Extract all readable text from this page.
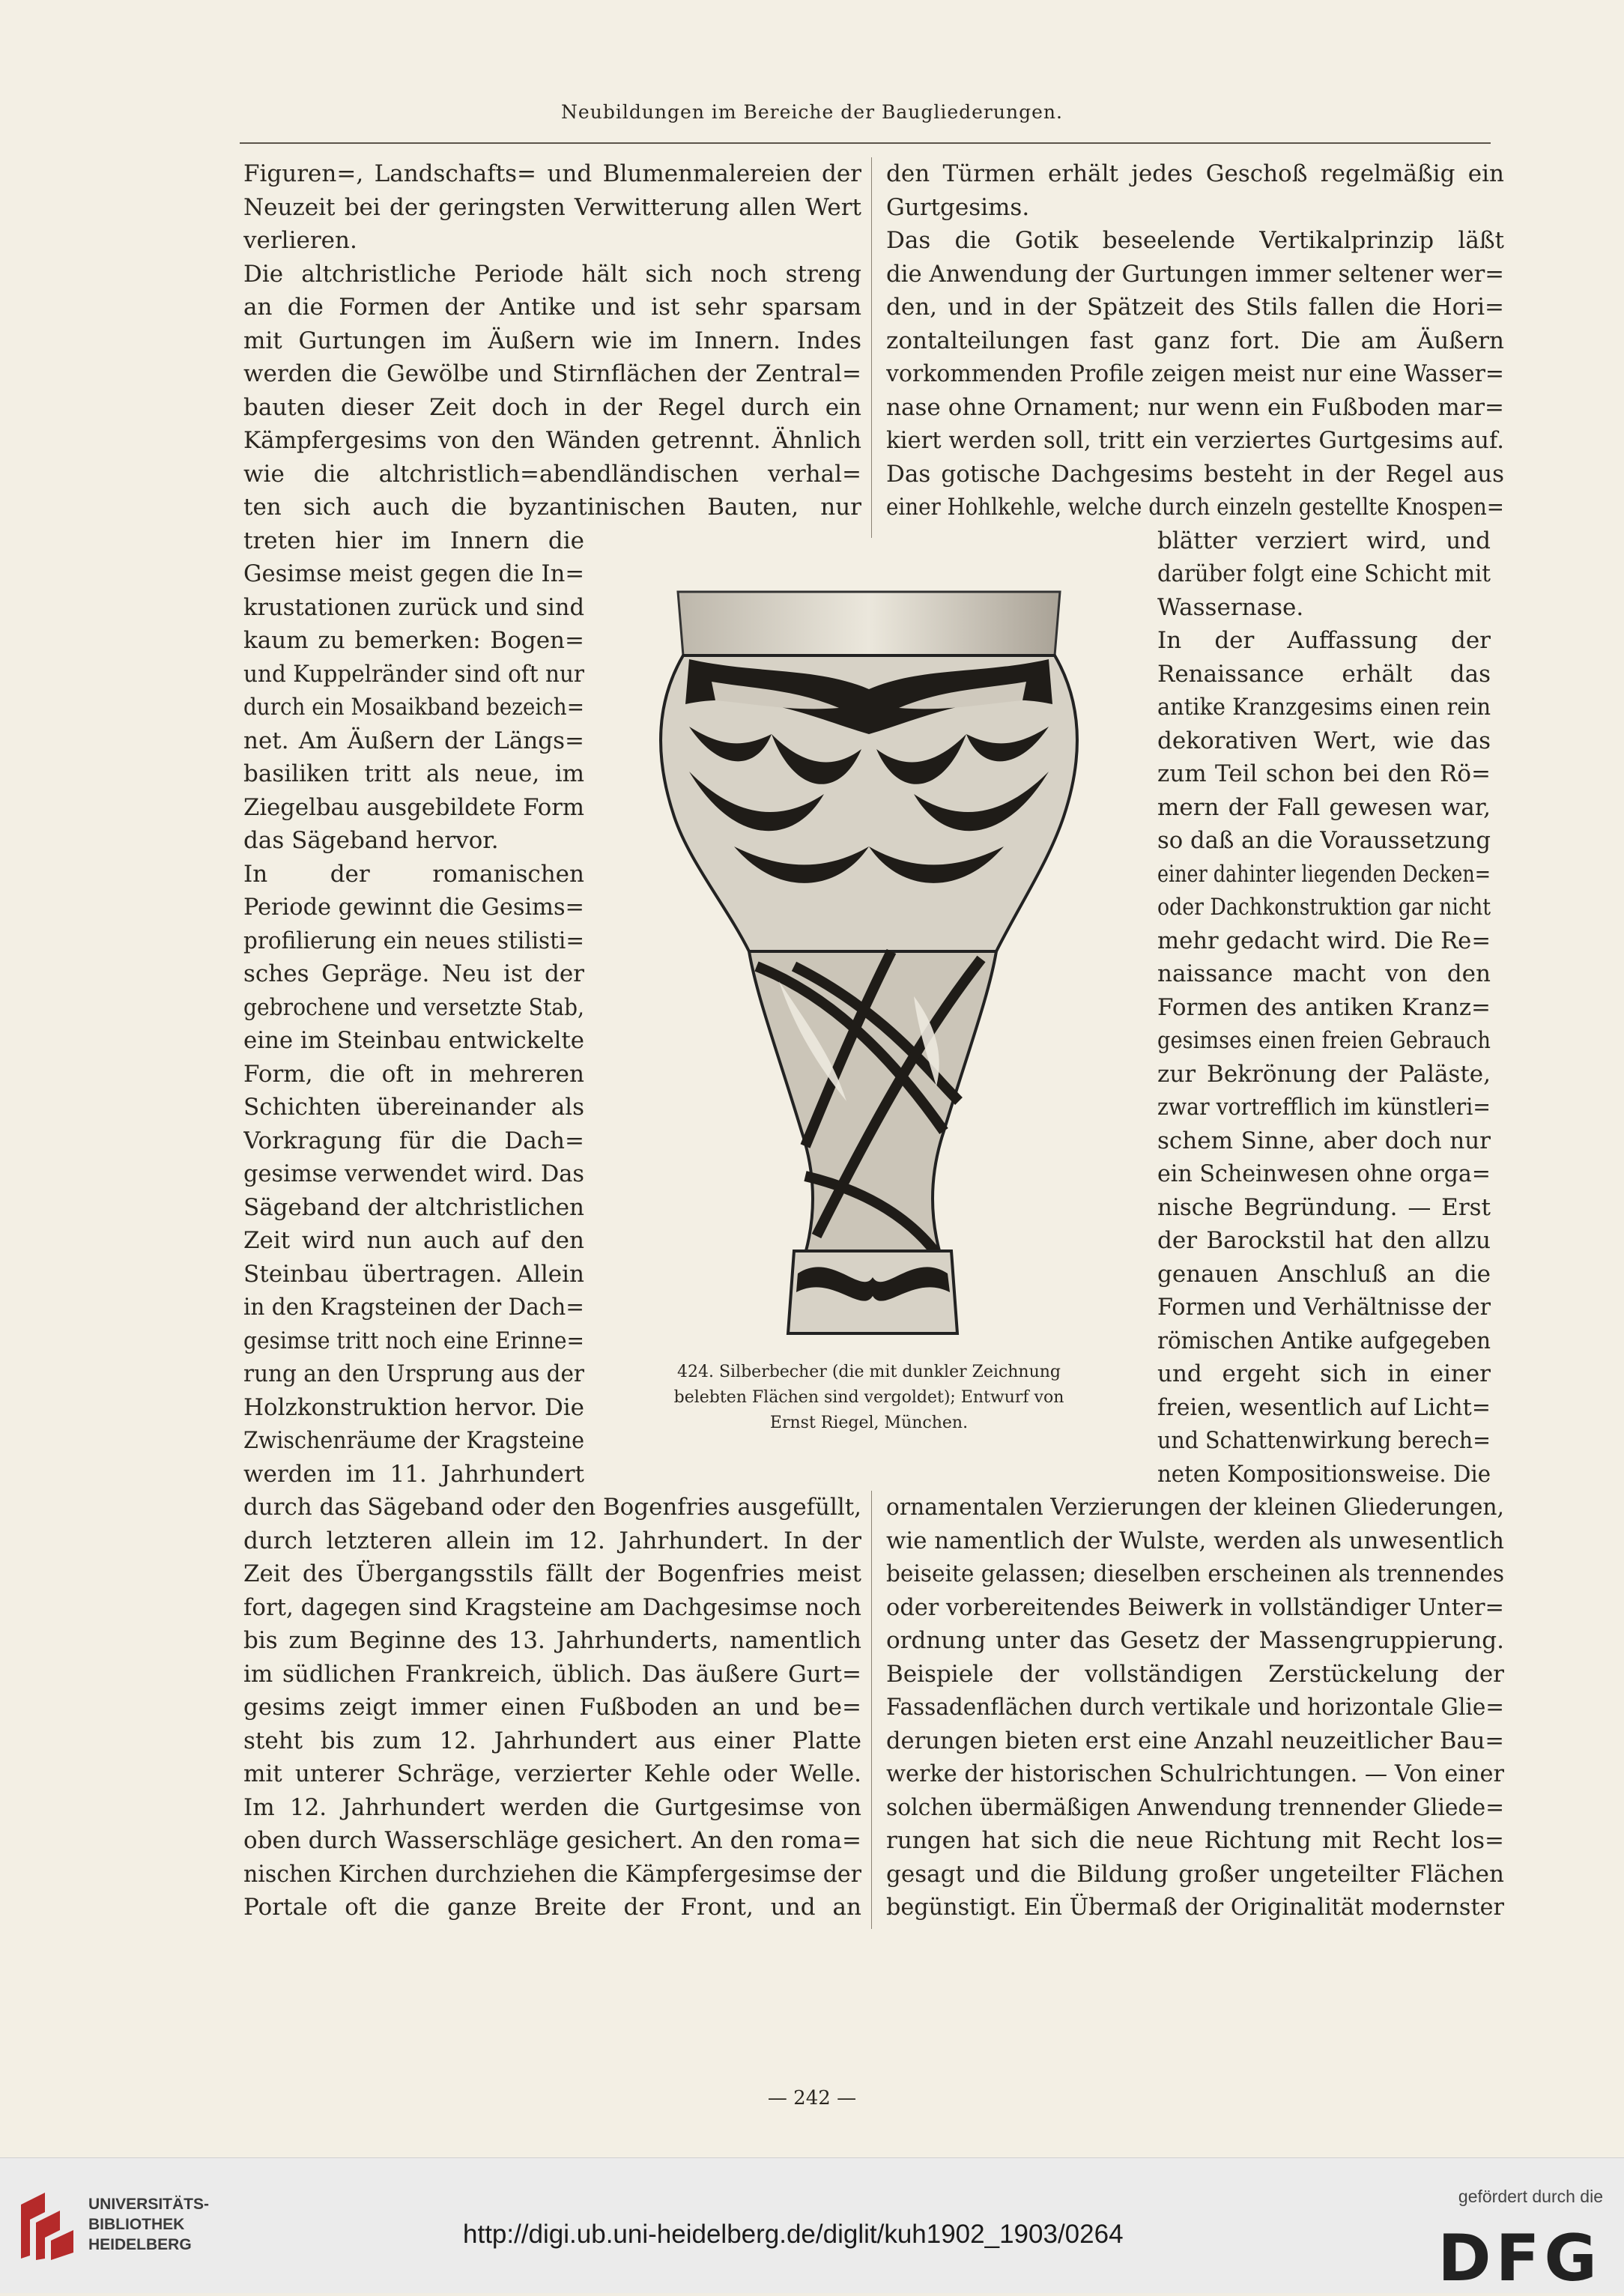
Neubildungen im Bereiche der Baugliederungen.
Figuren=, Landschafts= und Blumenmalereien der
Neuzeit bei der geringsten Verwitterung allen Wert
verlieren.
Die altchristliche Periode hält sich noch streng
an die Formen der Antike und ist sehr sparsam
mit Gurtungen im Äußern wie im Innern. Indes
werden die Gewölbe und Stirnflächen der Zentral=
bauten dieser Zeit doch in der Regel durch ein
Kämpfergesims von den Wänden getrennt. Ähnlich
wie die altchristlich=abendländischen verhal=
ten sich auch die byzantinischen Bauten, nur
treten hier im Innern die
Gesimse meist gegen die In=
krustationen zurück und sind
kaum zu bemerken: Bogen=
und Kuppelränder sind oft nur
durch ein Mosaikband bezeich=
net. Am Äußern der Längs=
basiliken tritt als neue, im
Ziegelbau ausgebildete Form
das Sägeband hervor.
In der romanischen
Periode gewinnt die Gesims=
profilierung ein neues stilisti=
sches Gepräge. Neu ist der
gebrochene und versetzte Stab,
eine im Steinbau entwickelte
Form, die oft in mehreren
Schichten übereinander als
Vorkragung für die Dach=
gesimse verwendet wird. Das
Sägeband der altchristlichen
Zeit wird nun auch auf den
Steinbau übertragen. Allein
in den Kragsteinen der Dach=
gesimse tritt noch eine Erinne=
rung an den Ursprung aus der
Holzkonstruktion hervor. Die
Zwischenräume der Kragsteine
werden im 11. Jahrhundert
durch das Sägeband oder den Bogenfries ausgefüllt,
durch letzteren allein im 12. Jahrhundert. In der
Zeit des Übergangsstils fällt der Bogenfries meist
fort, dagegen sind Kragsteine am Dachgesimse noch
bis zum Beginne des 13. Jahrhunderts, namentlich
im südlichen Frankreich, üblich. Das äußere Gurt=
gesims zeigt immer einen Fußboden an und be=
steht bis zum 12. Jahrhundert aus einer Platte
mit unterer Schräge, verzierter Kehle oder Welle.
Im 12. Jahrhundert werden die Gurtgesimse von
oben durch Wasserschläge gesichert. An den roma=
nischen Kirchen durchziehen die Kämpfergesimse der
Portale oft die ganze Breite der Front, und an
den Türmen erhält jedes Geschoß regelmäßig ein
Gurtgesims.
Das die Gotik beseelende Vertikalprinzip läßt
die Anwendung der Gurtungen immer seltener wer=
den, und in der Spätzeit des Stils fallen die Hori=
zontalteilungen fast ganz fort. Die am Äußern
vorkommenden Profile zeigen meist nur eine Wasser=
nase ohne Ornament; nur wenn ein Fußboden mar=
kiert werden soll, tritt ein verziertes Gurtgesims auf.
Das gotische Dachgesims besteht in der Regel aus
einer Hohlkehle, welche durch einzeln gestellte Knospen=
blätter verziert wird, und
darüber folgt eine Schicht mit
Wassernase.
In der Auffassung der
Renaissance erhält das
antike Kranzgesims einen rein
dekorativen Wert, wie das
zum Teil schon bei den Rö=
mern der Fall gewesen war,
so daß an die Voraussetzung
einer dahinter liegenden Decken=
oder Dachkonstruktion gar nicht
mehr gedacht wird. Die Re=
naissance macht von den
Formen des antiken Kranz=
gesimses einen freien Gebrauch
zur Bekrönung der Paläste,
zwar vortrefflich im künstleri=
schem Sinne, aber doch nur
ein Scheinwesen ohne orga=
nische Begründung. — Erst
der Barockstil hat den allzu
genauen Anschluß an die
Formen und Verhältnisse der
römischen Antike aufgegeben
und ergeht sich in einer
freien, wesentlich auf Licht=
und Schattenwirkung berech=
neten Kompositionsweise. Die
ornamentalen Verzierungen der kleinen Gliederungen,
wie namentlich der Wulste, werden als unwesentlich
beiseite gelassen; dieselben erscheinen als trennendes
oder vorbereitendes Beiwerk in vollständiger Unter=
ordnung unter das Gesetz der Massengruppierung.
Beispiele der vollständigen Zerstückelung der
Fassadenflächen durch vertikale und horizontale Glie=
derungen bieten erst eine Anzahl neuzeitlicher Bau=
werke der historischen Schulrichtungen. — Von einer
solchen übermäßigen Anwendung trennender Gliede=
rungen hat sich die neue Richtung mit Recht los=
gesagt und die Bildung großer ungeteilter Flächen
begünstigt. Ein Übermaß der Originalität modernster
424. Silberbecher (die mit dunkler Zeichnung
belebten Flächen sind vergoldet); Entwurf von
Ernst Riegel, München.
— 242 —
UNIVERSITÄTS-
BIBLIOTHEK
HEIDELBERG	http://digi.ub.uni-heidelberg.de/diglit/kuh1902_1903/0264
gefördert durch die
DFG
